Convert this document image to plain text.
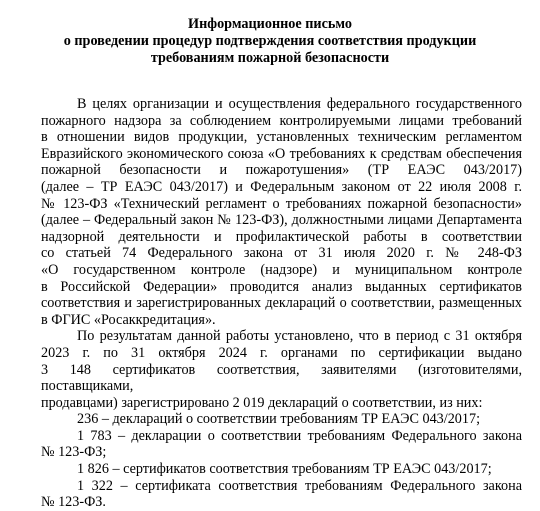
Информационное письмо
о проведении процедур подтверждения соответствия продукции
требованиям пожарной безопасности
В целях организации и осуществления федерального государственного
пожарного надзора за соблюдением контролируемыми лицами требований
в отношении видов продукции, установленных техническим регламентом
Евразийского экономического союза «О требованиях к средствам обеспечения
пожарной безопасности и пожаротушения» (ТР ЕАЭС 043/2017)
(далее – ТР ЕАЭС 043/2017) и Федеральным законом от 22 июля 2008 г.
№ 123-ФЗ «Технический регламент о требованиях пожарной безопасности»
(далее – Федеральный закон № 123-ФЗ), должностными лицами Департамента
надзорной деятельности и профилактической работы в соответствии
со статьей 74 Федерального закона от 31 июля 2020 г. № 248-ФЗ
«О государственном контроле (надзоре) и муниципальном контроле
в Российской Федерации» проводится анализ выданных сертификатов
соответствия и зарегистрированных деклараций о соответствии, размещенных
в ФГИС «Росаккредитация».
По результатам данной работы установлено, что в период с 31 октября
2023 г. по 31 октября 2024 г. органами по сертификации выдано
3 148 сертификатов соответствия, заявителями (изготовителями, поставщиками,
продавцами) зарегистрировано 2 019 деклараций о соответствии, из них:
236 – деклараций о соответствии требованиям ТР ЕАЭС 043/2017;
1 783 – декларации о соответствии требованиям Федерального закона
№ 123-ФЗ;
1 826 – сертификатов соответствия требованиям ТР ЕАЭС 043/2017;
1 322 – сертификата соответствия требованиям Федерального закона
№ 123-ФЗ.
